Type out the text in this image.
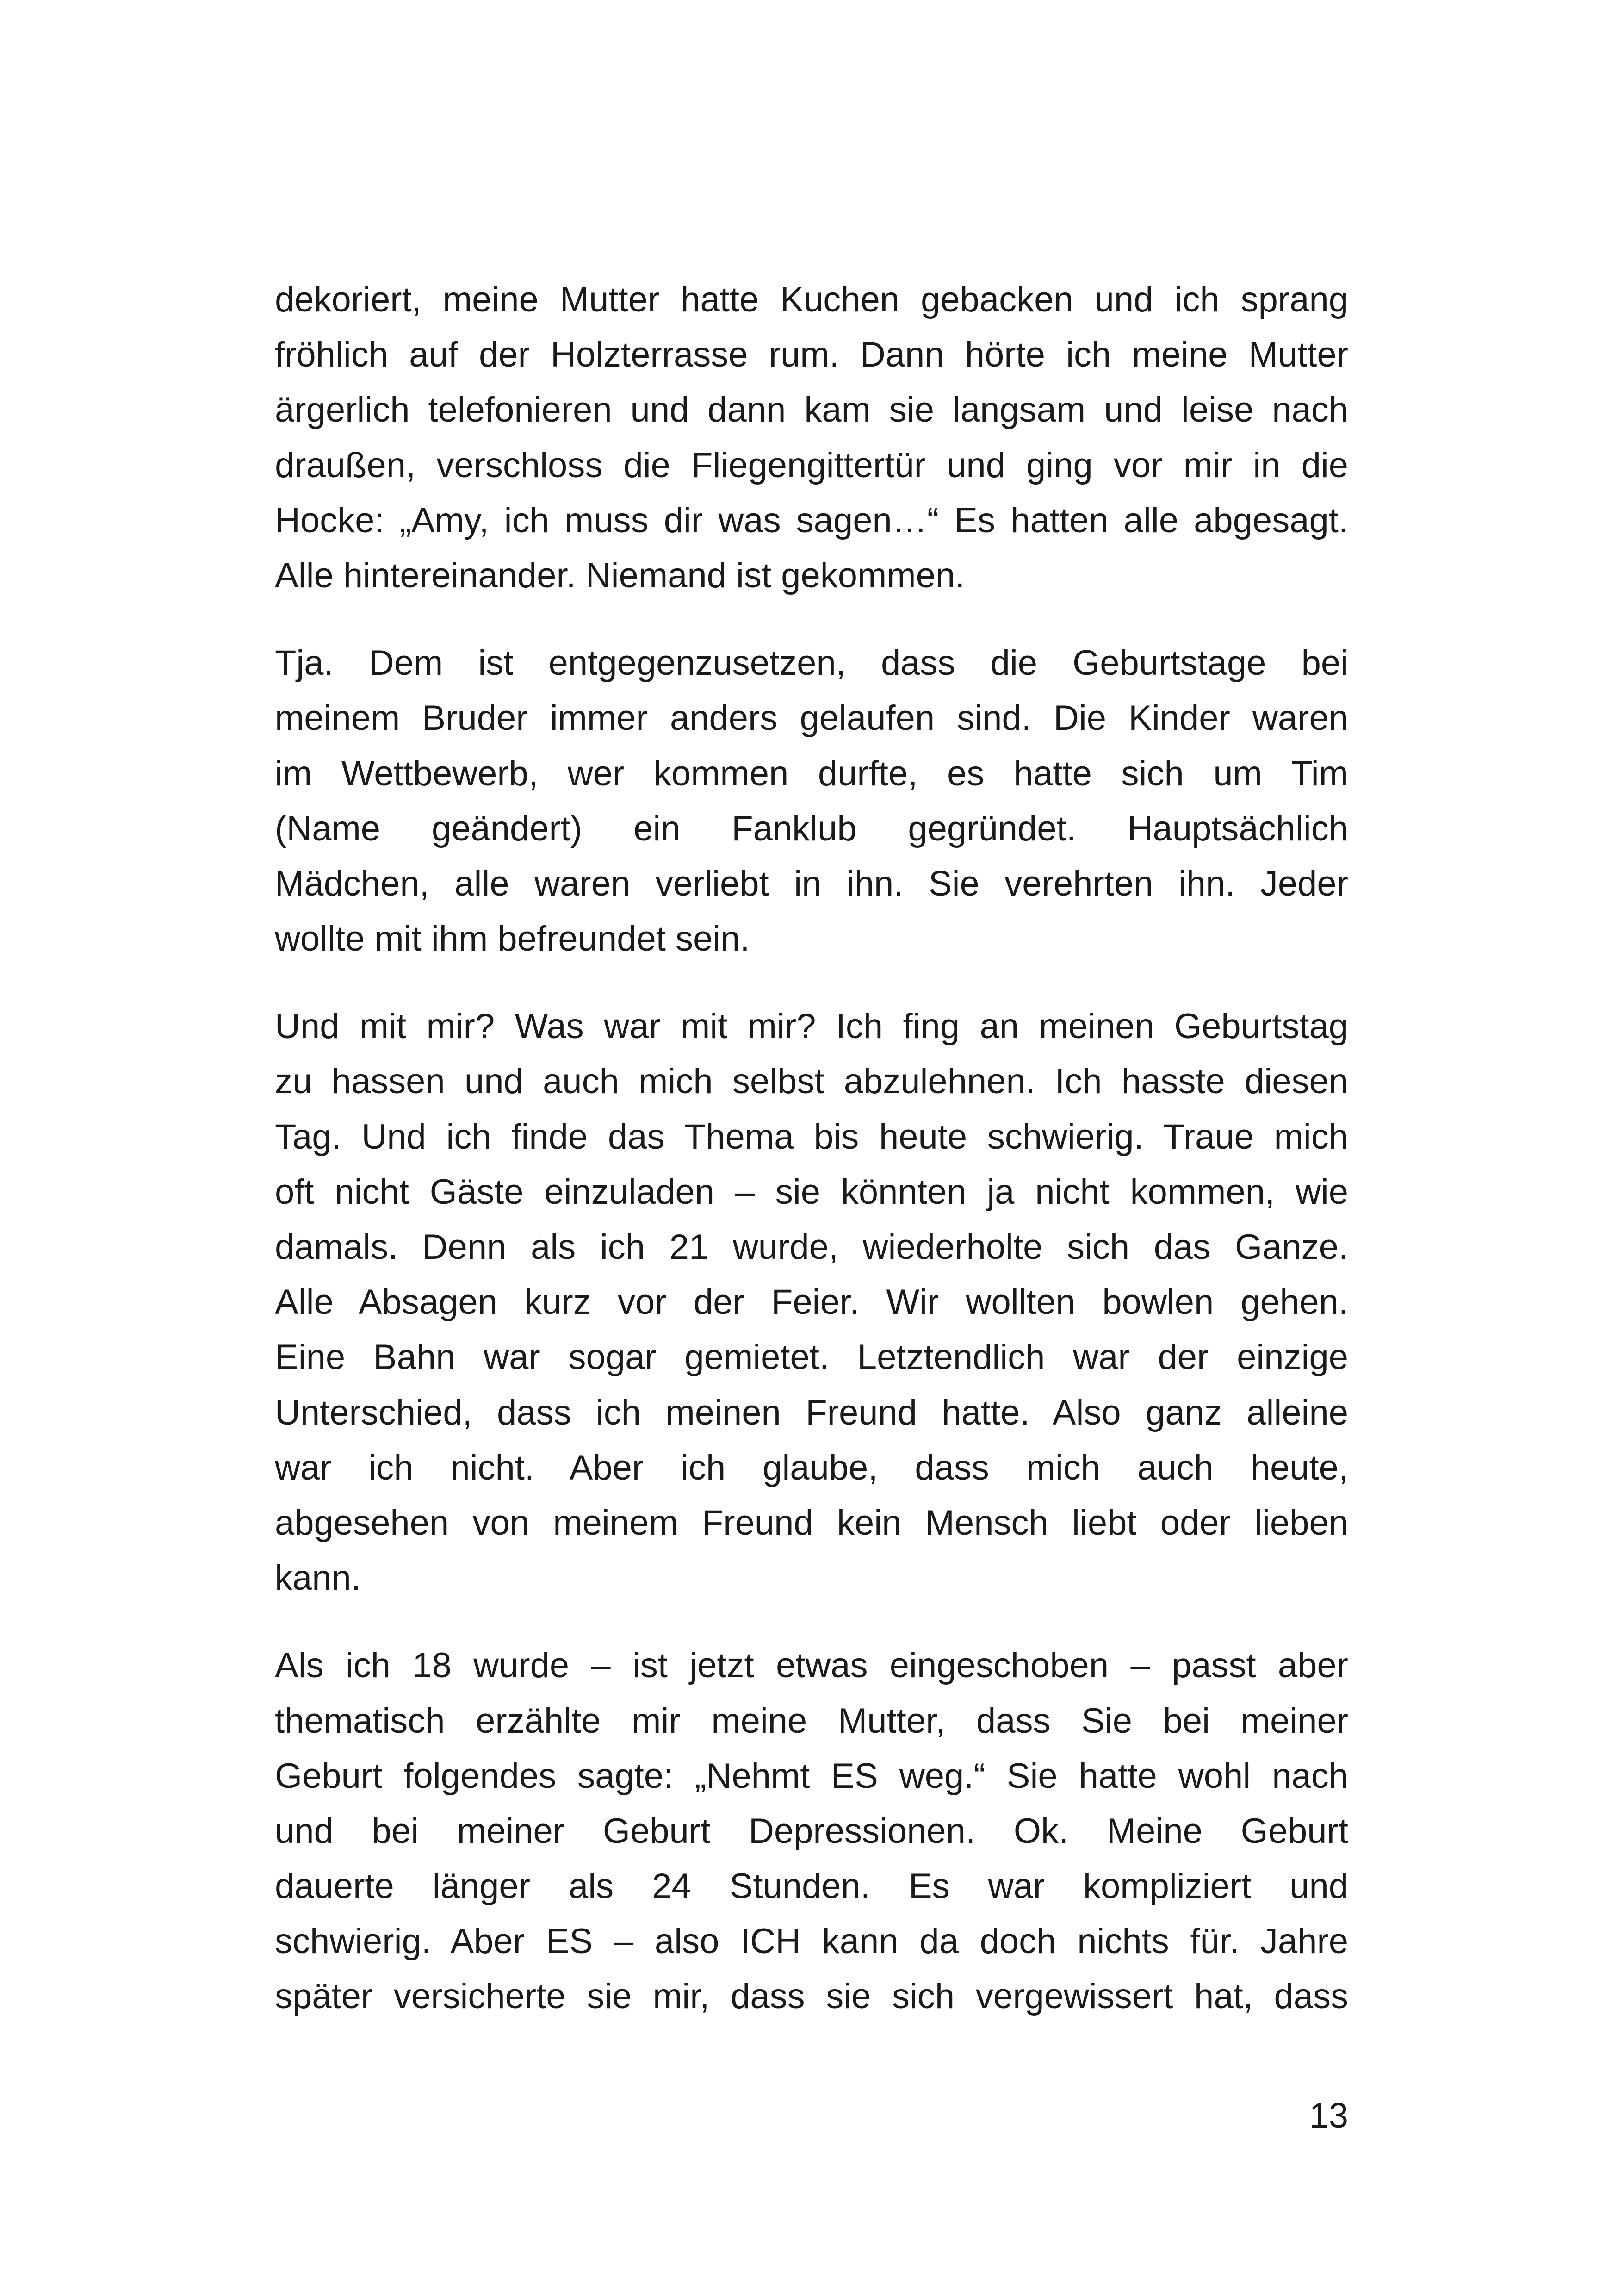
dekoriert, meine Mutter hatte Kuchen gebacken und ich sprang
fröhlich auf der Holzterrasse rum. Dann hörte ich meine Mutter
ärgerlich telefonieren und dann kam sie langsam und leise nach
draußen, verschloss die Fliegengittertür und ging vor mir in die
Hocke: „Amy, ich muss dir was sagen…“ Es hatten alle abgesagt.
Alle hintereinander. Niemand ist gekommen.
Tja. Dem ist entgegenzusetzen, dass die Geburtstage bei
meinem Bruder immer anders gelaufen sind. Die Kinder waren
im Wettbewerb, wer kommen durfte, es hatte sich um Tim
(Name geändert) ein Fanklub gegründet. Hauptsächlich
Mädchen, alle waren verliebt in ihn. Sie verehrten ihn. Jeder
wollte mit ihm befreundet sein.
Und mit mir? Was war mit mir? Ich fing an meinen Geburtstag
zu hassen und auch mich selbst abzulehnen. Ich hasste diesen
Tag. Und ich finde das Thema bis heute schwierig. Traue mich
oft nicht Gäste einzuladen – sie könnten ja nicht kommen, wie
damals. Denn als ich 21 wurde, wiederholte sich das Ganze.
Alle Absagen kurz vor der Feier. Wir wollten bowlen gehen.
Eine Bahn war sogar gemietet. Letztendlich war der einzige
Unterschied, dass ich meinen Freund hatte. Also ganz alleine
war ich nicht. Aber ich glaube, dass mich auch heute,
abgesehen von meinem Freund kein Mensch liebt oder lieben
kann.
Als ich 18 wurde – ist jetzt etwas eingeschoben – passt aber
thematisch erzählte mir meine Mutter, dass Sie bei meiner
Geburt folgendes sagte: „Nehmt ES weg.“ Sie hatte wohl nach
und bei meiner Geburt Depressionen. Ok. Meine Geburt
dauerte länger als 24 Stunden. Es war kompliziert und
schwierig. Aber ES – also ICH kann da doch nichts für. Jahre
später versicherte sie mir, dass sie sich vergewissert hat, dass
13
